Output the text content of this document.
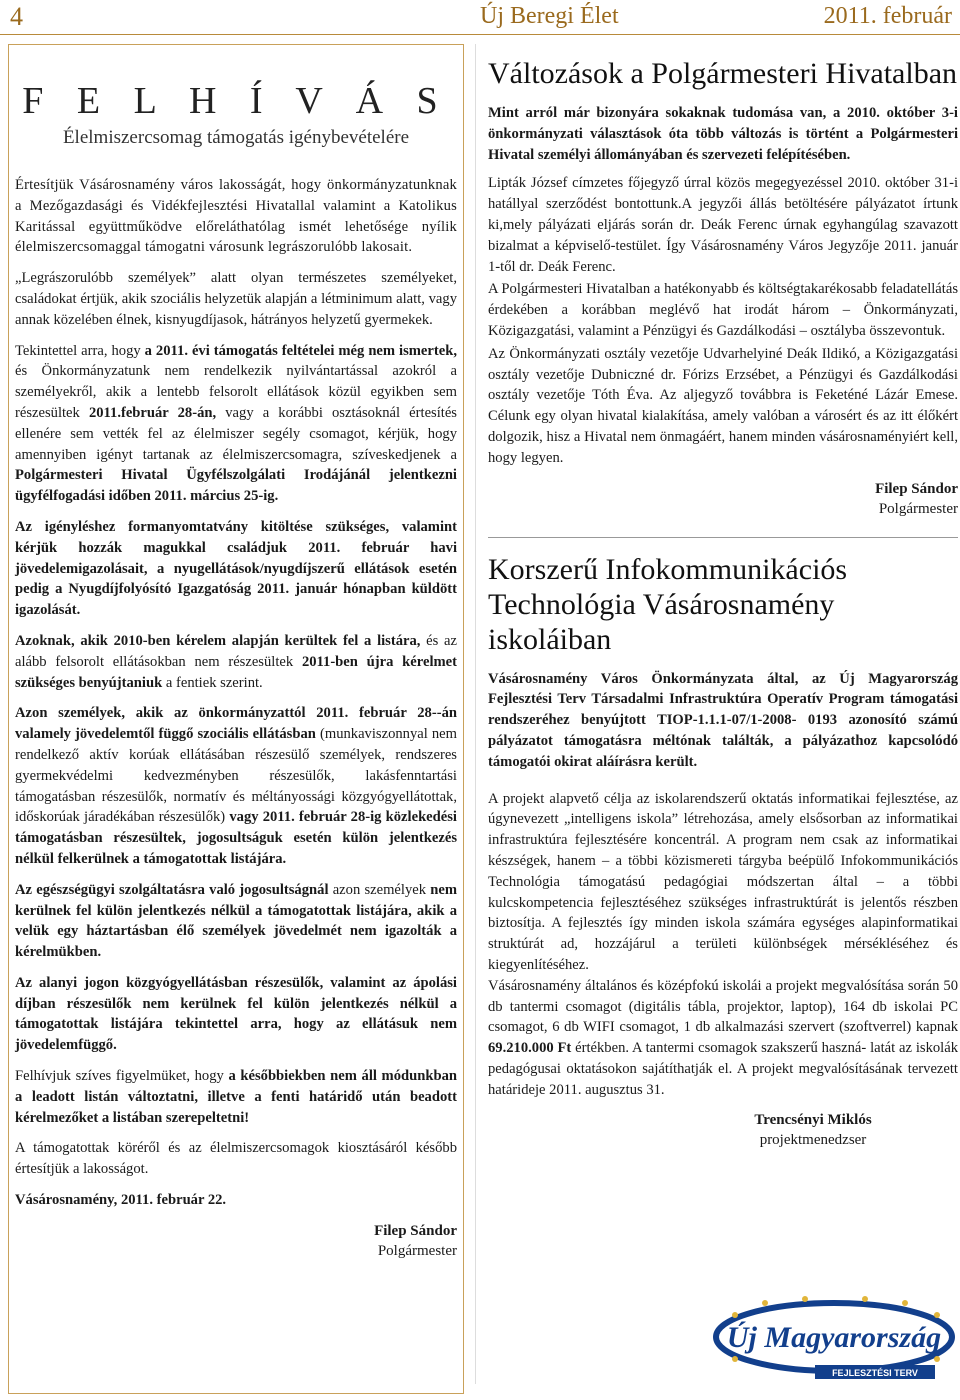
4	Új Beregi Élet	2011. február
F E L H Í V Á S
Élelmiszercsomag támogatás igénybevételére

Értesítjük Vásárosnamény város lakosságát, hogy önkormányzatunknak a Mezőgazdasági és Vidékfejlesztési Hivatallal valamint a Katolikus Karitással együttműködve előreláthatólag ismét lehetősége nyílik élelmiszercsomaggal támogatni városunk legrászorulóbb lakosait.

„Legrászorulóbb személyek” alatt olyan természetes személyeket, családokat értjük, akik szociális helyzetük alapján a létminimum alatt, vagy annak közelében élnek, kisnyugdíjasok, hátrányos helyzetű gyermekek.

Tekintettel arra, hogy a 2011. évi támogatás feltételei még nem ismertek, és Önkormányzatunk nem rendelkezik nyilvántartással azokról a személyekről, akik a lentebb felsorolt ellátások közül egyikben sem részesültek 2011.február 28-án, vagy a korábbi osztásoknál értesítés ellenére sem vették fel az élelmiszer segély csomagot, kérjük, hogy amennyiben igényt tartanak az élelmiszercsomagra, szíveskedjenek a Polgármesteri Hivatal Ügyfélszolgálati Irodájánál jelentkezni ügyfélfogadási időben 2011. március 25-ig.

Az igényléshez formanyomtatvány kitöltése szükséges, valamint kérjük hozzák magukkal családjuk 2011. február havi jövedelemigazolásait, a nyugellátások/nyugdíjszerű ellátások esetén pedig a Nyugdíjfolyósító Igazgatóság 2011. január hónapban küldött igazolását.

Azoknak, akik 2010-ben kérelem alapján kerültek fel a listára, és az alább felsorolt ellátásokban nem részesültek 2011-ben újra kérelmet szükséges benyújtaniuk a fentiek szerint.

Azon személyek, akik az önkormányzattól 2011. február 28--án valamely jövedelemtől függő szociális ellátásban (munkaviszonnyal nem rendelkező aktív korúak ellátásában részesülő személyek, rendszeres gyermekvédelmi kedvezményben részesülők, lakásfenntartási támogatásban részesülők, normatív és méltányossági közgyógyellátottak, időskorúak járadékában részesülők) vagy 2011. február 28-ig közlekedési támogatásban részesültek, jogosultságuk esetén külön jelentkezés nélkül felkerülnek a támogatottak listájára.

Az egészségügyi szolgáltatásra való jogosultságnál azon személyek nem kerülnek fel külön jelentkezés nélkül a támogatottak listájára, akik a velük egy háztartásban élő személyek jövedelmét nem igazolták a kérelmükben.

Az alanyi jogon közgyógyellátásban részesülők, valamint az ápolási díjban részesülők nem kerülnek fel külön jelentkezés nélkül a támogatottak listájára tekintettel arra, hogy az ellátásuk nem jövedelemfüggő.

Felhívjuk szíves figyelmüket, hogy a későbbiekben nem áll módunkban a leadott listán változtatni, illetve a fenti határidő után beadott kérelmezőket a listában szerepeltetni!

A támogatottak köréről és az élelmiszercsomagok kiosztásáról később értesítjük a lakosságot.

Vásárosnamény, 2011. február 22.

Filep Sándor

Polgármester

Változások a Polgármesteri Hivatalban

Mint arról már bizonyára sokaknak tudomása van, a 2010. október 3-i önkormányzati választások óta több változás is történt a Polgármesteri Hivatal személyi állományában és szervezeti felépítésében.

Lipták József címzetes főjegyző úrral közös megegyezéssel 2010. október 31-i hatállyal szerződést bontottunk.A jegyzői állás betöltésére pályázatot írtunk ki,mely pályázati eljárás során dr. Deák Ferenc úrnak egyhangúlag szavazott bizalmat a képviselő-testület. Így Vásárosnamény Város Jegyzője 2011. január 1-től dr. Deák Ferenc.

A Polgármesteri Hivatalban a hatékonyabb és költségtakarékosabb feladatellátás érdekében a korábban meglévő hat irodát három – Önkormányzati, Közigazgatási, valamint a Pénzügyi és Gazdálkodási – osztályba összevontuk.

Az Önkormányzati osztály vezetője Udvarhelyiné Deák Ildikó, a Közigazgatási osztály vezetője Dubniczné dr. Fórizs Erzsébet, a Pénzügyi és Gazdálkodási osztály vezetője Tóth Éva. Az aljegyző továbbra is Feketéné Lázár Emese. Célunk egy olyan hivatal kialakítása, amely valóban a városért és az itt élőkért dolgozik, hisz a Hivatal nem önmagáért, hanem minden vásárosnaményiért kell, hogy legyen.

Filep Sándor

Polgármester

Korszerű Infokommunikációs Technológia Vásárosnamény iskoláiban

Vásárosnamény Város Önkormányzata által, az Új Magyarország Fejlesztési Terv Társadalmi Infrastruktúra Operatív Program támogatási rendszeréhez benyújtott TIOP-1.1.1-07/1-2008- 0193 azonosító számú pályázatot támogatásra méltónak találták, a pályázathoz kapcsolódó támogatói okirat aláírásra került.

A projekt alapvető célja az iskolarendszerű oktatás informatikai fejlesztése, az úgynevezett „intelligens iskola” létrehozása, amely elsősorban az informatikai infrastruktúra fejlesztésére koncentrál. A program nem csak az informatikai készségek, hanem – a többi közismereti tárgyba beépülő Infokommunikációs Technológia támogatású pedagógiai módszertan által – a többi kulcskompetencia fejlesztéséhez szükséges infrastruktúrát is jelentős részben biztosítja. A fejlesztés így minden iskola számára egységes alapinformatikai struktúrát ad, hozzájárul a területi különbségek mérsékléséhez és kiegyenlítéséhez.

Vásárosnamény általános és középfokú iskolái a projekt megvalósítása során 50 db tantermi csomagot (digitális tábla, projektor, laptop), 164 db iskolai PC csomagot, 6 db WIFI csomagot, 1 db alkalmazási szervert (szoftverrel) kapnak 69.210.000 Ft értékben. A tantermi csomagok szakszerű haszná- latát az iskolák pedagógusai oktatásokon sajátíthatják el. A projekt megvalósításának tervezett határideje 2011. augusztus 31.

Trencsényi Miklós

projektmenedzser

Új Magyarország
FEJLESZTÉSI TERV
